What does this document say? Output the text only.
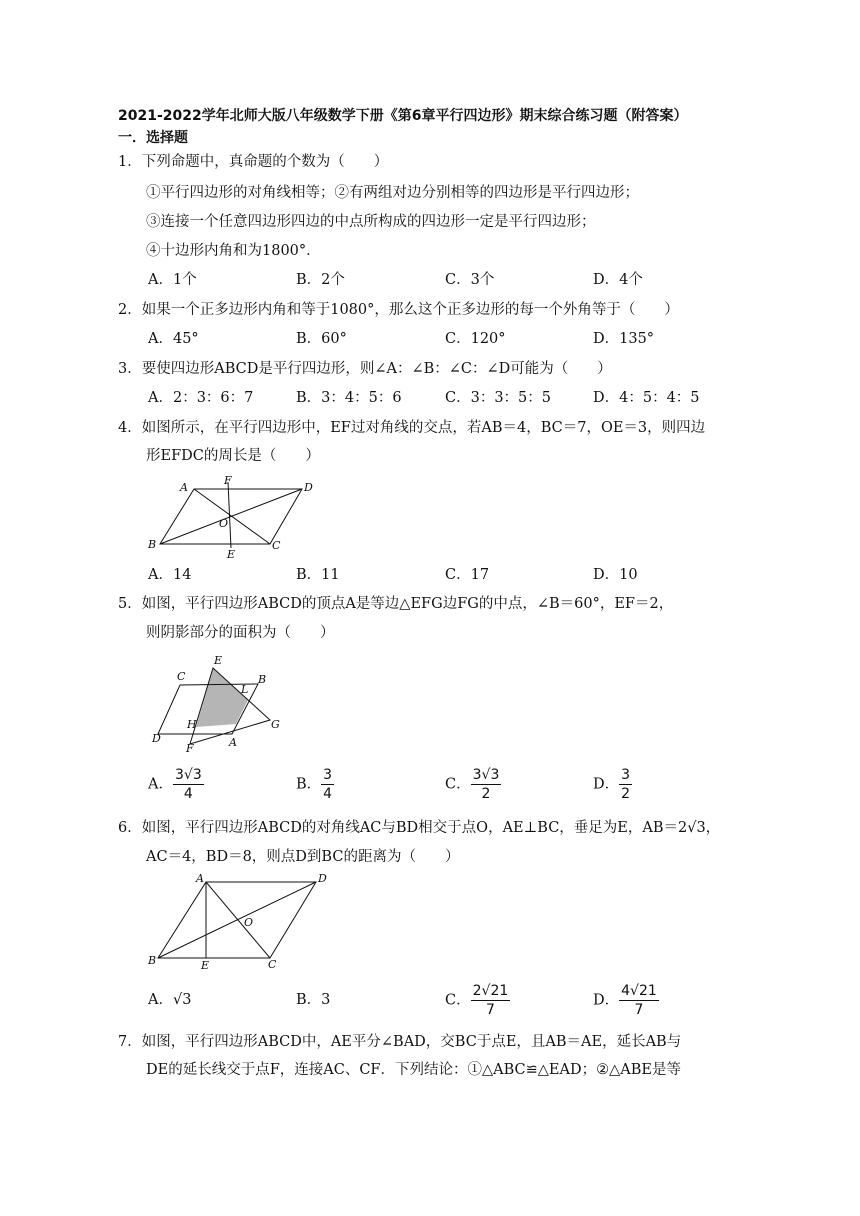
2021-2022学年北师大版八年级数学下册《第6章平行四边形》期末综合练习题（附答案）
一．选择题
1．下列命题中，真命题的个数为（　　）
①平行四边形的对角线相等；②有两组对边分别相等的四边形是平行四边形；
③连接一个任意四边形四边的中点所构成的四边形一定是平行四边形；
④十边形内角和为1800°．
A．1个	B．2个	C．3个	D．4个
2．如果一个正多边形内角和等于1080°，那么这个正多边形的每一个外角等于（　　）
A．45°	B．60°	C．120°	D．135°
3．要使四边形ABCD是平行四边形，则∠A：∠B：∠C：∠D可能为（　　）
A．2：3：6：7	B．3：4：5：6	C．3：3：5：5	D．4：5：4：5
4．如图所示，在平行四边形中，EF过对角线的交点，若AB＝4，BC＝7，OE＝3，则四边
形EFDC的周长是（　　）
A
F
D
O
B
E
C
A．14	B．11	C．17	D．10
5．如图，平行四边形ABCD的顶点A是等边△EFG边FG的中点，∠B＝60°，EF＝2，
则阴影部分的面积为（　　）
E
C	B
L
H	G
D
F	A
A． $\frac{3√3}{4}$	B． $\frac{3}{4}$	C． $\frac{3√3}{2}$	D． $\frac{3}{2}$
6．如图，平行四边形ABCD的对角线AC与BD相交于点O，AE⊥BC，垂足为E，AB＝2√3，
AC＝4，BD＝8，则点D到BC的距离为（　　）
A	D
O
B	E	C
A．√3	B．3	C． $\frac{2√21}{7}$	D． $\frac{4√21}{7}$
7．如图，平行四边形ABCD中，AE平分∠BAD，交BC于点E，且AB＝AE，延长AB与
DE的延长线交于点F，连接AC、CF．下列结论：①△ABC≌△EAD；②△ABE是等
